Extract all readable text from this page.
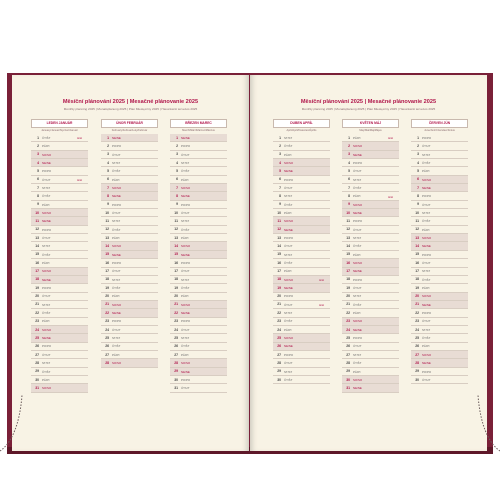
Měsíční plánování 2025 | Mesačné plánovanie 2025
Monthly planning 2025 | Monatsplanung 2025 | Plan Miesięczny 2025 | Havonkénti tervezés 2025
LEDEN JANUÁR
January/Januar/Styczeń/Január
1 ČT/ŠT	⊖⊖
2 PÁ/PI
3 SO/SO
4 NE/NE
5 PO/PO
6 ÚT/UT	⊖⊖
7 ST/ST
8 ČT/ŠT
9 PÁ/PI
10 SO/SO
11 NE/NE
12 PO/PO
13 ÚT/UT
14 ST/ST
15 ČT/ŠT
16 PÁ/PI
17 SO/SO
18 NE/NE
19 PO/PO
20 ÚT/UT
21 ST/ST
22 ČT/ŠT
23 PÁ/PI
24 SO/SO
25 NE/NE
26 PO/PO
27 ÚT/UT
28 ST/ST
29 ČT/ŠT
30 PÁ/PI
31 SO/SO
ÚNOR FEBRUÁR
February/Februar/Luty/Február
1 NE/NE
2 PO/PO
3 ÚT/UT
4 ST/ST
5 ČT/ŠT
6 PÁ/PI
7 SO/SO
8 NE/NE
9 PO/PO
10 ÚT/UT
11 ST/ST
12 ČT/ŠT
13 PÁ/PI
14 SO/SO
15 NE/NE
16 PO/PO
17 ÚT/UT
18 ST/ST
19 ČT/ŠT
20 PÁ/PI
21 SO/SO
22 NE/NE
23 PO/PO
24 ÚT/UT
25 ST/ST
26 ČT/ŠT
27 PÁ/PI
28 SO/SO
BŘEZEN MAREC
March/März/Marzec/Március
1 NE/NE
2 PO/PO
3 ÚT/UT
4 ST/ST
5 ČT/ŠT
6 PÁ/PI
7 SO/SO
8 NE/NE
9 PO/PO
10 ÚT/UT
11 ST/ST
12 ČT/ŠT
13 PÁ/PI
14 SO/SO
15 NE/NE
16 PO/PO
17 ÚT/UT
18 ST/ST
19 ČT/ŠT
20 PÁ/PI
21 SO/SO
22 NE/NE
23 PO/PO
24 ÚT/UT
25 ST/ST
26 ČT/ŠT
27 PÁ/PI
28 SO/SO
29 NE/NE
30 PO/PO
31 ÚT/UT
Měsíční plánování 2025 | Mesačné plánovanie 2025
Monthly planning 2025 | Monatsplanung 2025 | Plan Miesięczny 2025 | Havonkénti tervezés 2025
DUBEN APRÍL
April/April/Kwiecień/Április
1 ST/ST
2 ČT/ŠT
3 PÁ/PI
4 SO/SO
5 NE/NE
6 PO/PO
7 ÚT/UT
8 ST/ST
9 ČT/ŠT
10 PÁ/PI
11 SO/SO
12 NE/NE
13 PO/PO
14 ÚT/UT
15 ST/ST
16 ČT/ŠT
17 PÁ/PI
18 SO/SO	⊖⊖
19 NE/NE
20 PO/PO
21 ÚT/UT	⊖⊖
22 ST/ST
23 ČT/ŠT
24 PÁ/PI
25 SO/SO
26 NE/NE
27 PO/PO
28 ÚT/UT
29 ST/ST
30 ČT/ŠT
KVĚTEN MÁJ
May/Mai/Maj/Május
1 PÁ/PI	⊖⊖
2 SO/SO
3 NE/NE
4 PO/PO
5 ÚT/UT
6 ST/ST
7 ČT/ŠT
8 PÁ/PI	⊖⊖
9 SO/SO
10 NE/NE
11 PO/PO
12 ÚT/UT
13 ST/ST
14 ČT/ŠT
15 PÁ/PI
16 SO/SO
17 NE/NE
18 PO/PO
19 ÚT/UT
20 ST/ST
21 ČT/ŠT
22 PÁ/PI
23 SO/SO
24 NE/NE
25 PO/PO
26 ÚT/UT
27 ST/ST
28 ČT/ŠT
29 PÁ/PI
30 SO/SO
31 NE/NE
ČERVEN JÚN
June/Juni/Czerwiec/Június
1 PO/PO
2 ÚT/UT
3 ST/ST
4 ČT/ŠT
5 PÁ/PI
6 SO/SO
7 NE/NE
8 PO/PO
9 ÚT/UT
10 ST/ST
11 ČT/ŠT
12 PÁ/PI
13 SO/SO
14 NE/NE
15 PO/PO
16 ÚT/UT
17 ST/ST
18 ČT/ŠT
19 PÁ/PI
20 SO/SO
21 NE/NE
22 PO/PO
23 ÚT/UT
24 ST/ST
25 ČT/ŠT
26 PÁ/PI
27 SO/SO
28 NE/NE
29 PO/PO
30 ÚT/UT
